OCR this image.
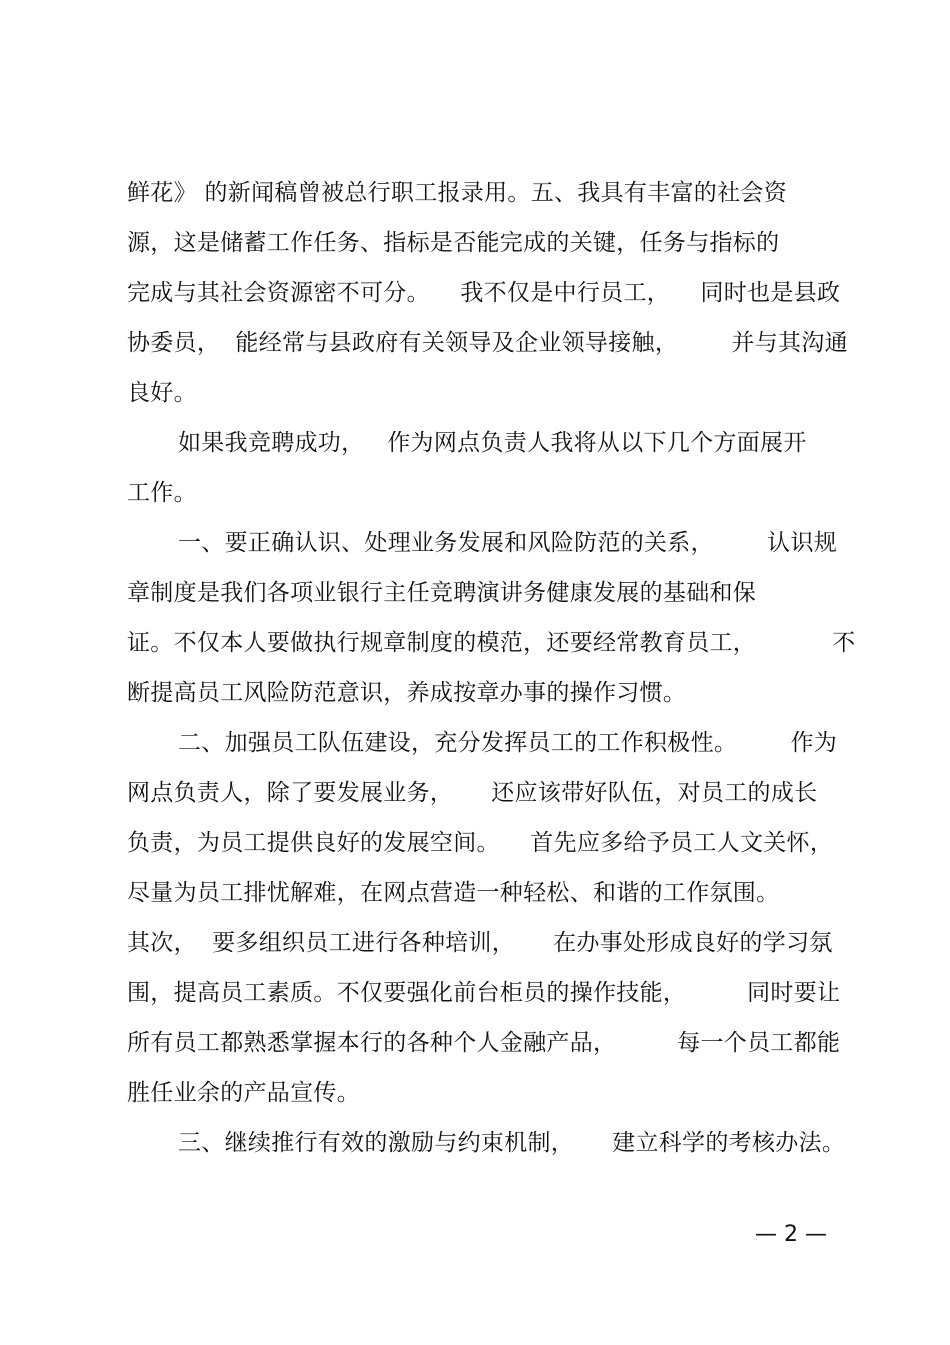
鲜花》 的新闻稿曾被总行职工报录用。五、我具有丰富的社会资
源，这是储蓄工作任务、指标是否能完成的关键，任务与指标的
完成与其社会资源密不可分。    我不仅是中行员工，    同时也是县政
协委员，  能经常与县政府有关领导及企业领导接触，       并与其沟通
良好。
如果我竞聘成功，   作为网点负责人我将从以下几个方面展开
工作。
一、要正确认识、处理业务发展和风险防范的关系，       认识规
章制度是我们各项业银行主任竞聘演讲务健康发展的基础和保
证。不仅本人要做执行规章制度的模范，还要经常教育员工，          不
断提高员工风险防范意识，养成按章办事的操作习惯。
二、加强员工队伍建设，充分发挥员工的工作积极性。       作为
网点负责人，除了要发展业务，     还应该带好队伍，对员工的成长
负责，为员工提供良好的发展空间。    首先应多给予员工人文关怀，
尽量为员工排忧解难，在网点营造一种轻松、和谐的工作氛围。
其次，  要多组织员工进行各种培训，     在办事处形成良好的学习氛
围，提高员工素质。不仅要强化前台柜员的操作技能，        同时要让
所有员工都熟悉掌握本行的各种个人金融产品，        每一个员工都能
胜任业余的产品宣传。
三、继续推行有效的激励与约束机制，     建立科学的考核办法。
— 2 —
